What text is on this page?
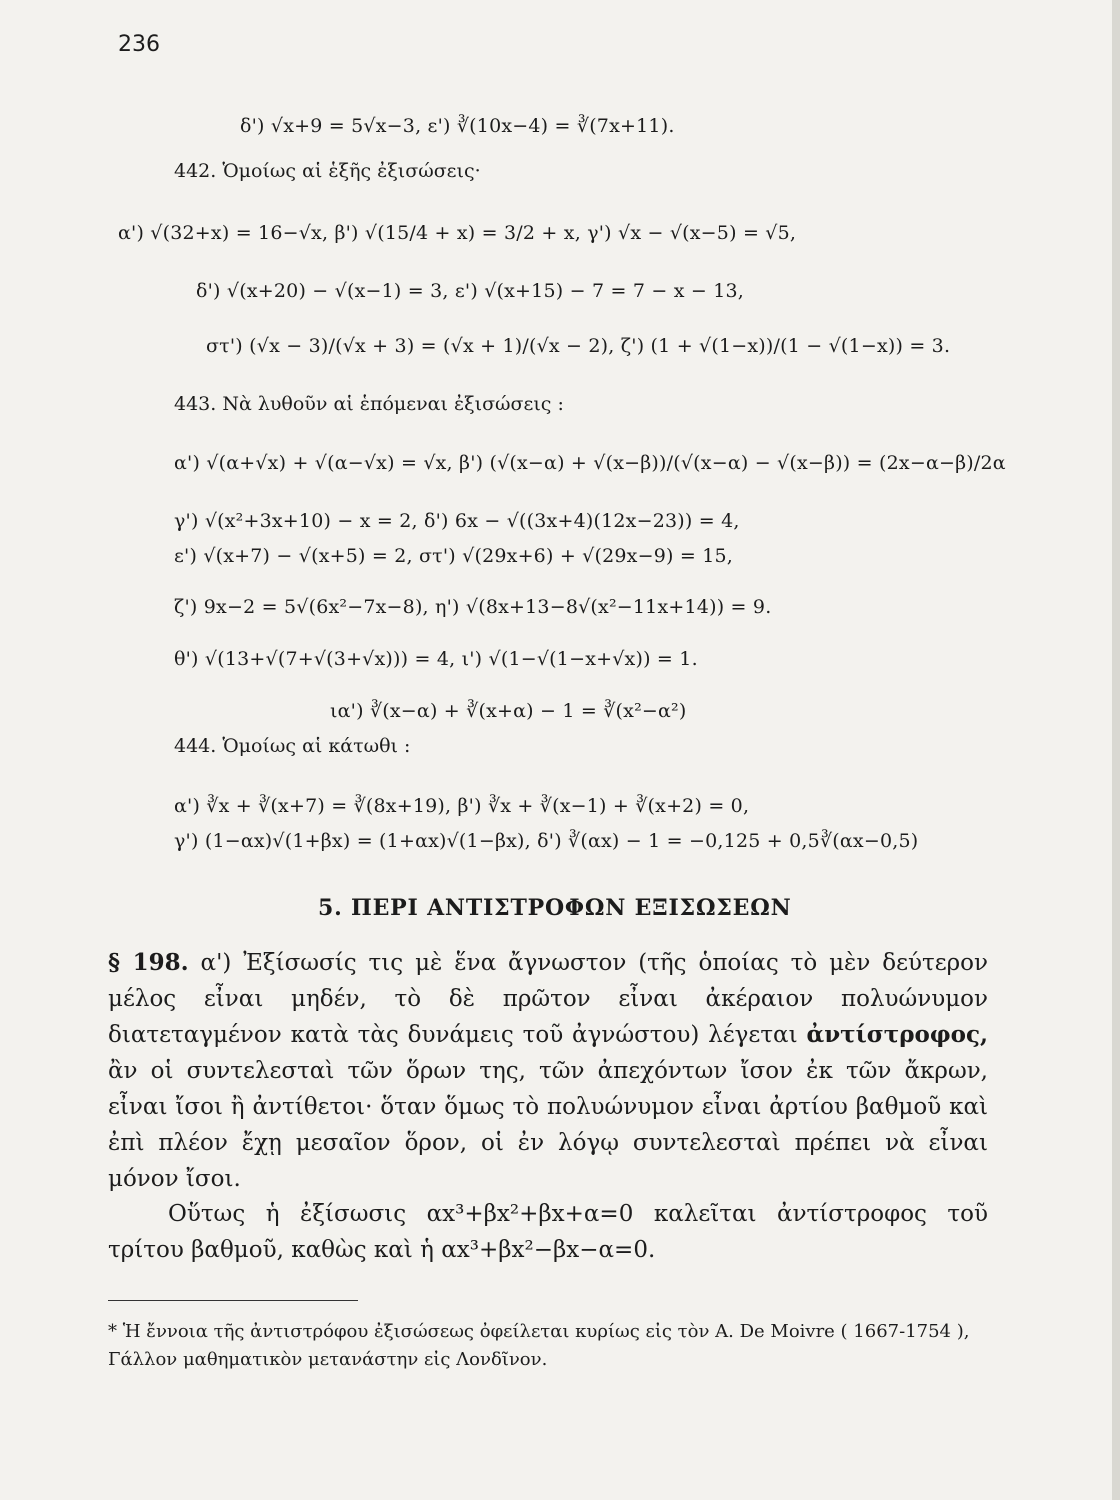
236
δ') √x+9 = 5√x−3, ε') ∛(10x−4) = ∛(7x+11).
442. Ὁμοίως αἱ ἑξῆς ἐξισώσεις·
α') √(32+x) = 16−√x, β') √(15/4 + x) = 3/2 + x, γ') √x − √(x−5) = √5,
δ') √(x+20) − √(x−1) = 3, ε') √(x+15) − 7 = 7 − x − 13,
στ') (√x − 3)/(√x + 3) = (√x + 1)/(√x − 2), ζ') (1 + √(1−x))/(1 − √(1−x)) = 3.
443. Νὰ λυθοῦν αἱ ἑπόμεναι ἐξισώσεις :
α') √(α+√x) + √(α−√x) = √x, β') (√(x−α) + √(x−β))/(√(x−α) − √(x−β)) = (2x−α−β)/2α
γ') √(x²+3x+10) − x = 2, δ') 6x − √((3x+4)(12x−23)) = 4,
ε') √(x+7) − √(x+5) = 2, στ') √(29x+6) + √(29x−9) = 15,
ζ') 9x−2 = 5√(6x²−7x−8), η') √(8x+13−8√(x²−11x+14)) = 9.
θ') √(13+√(7+√(3+√x))) = 4, ι') √(1−√(1−x+√x)) = 1.
ια') ∛(x−α) + ∛(x+α) − 1 = ∛(x²−α²)
444. Ὁμοίως αἱ κάτωθι :
α') ∛x + ∛(x+7) = ∛(8x+19), β') ∛x + ∛(x−1) + ∛(x+2) = 0,
γ') (1−αx)√(1+βx) = (1+αx)√(1−βx), δ') ∛(αx) − 1 = −0,125 + 0,5∛(αx−0,5)
5. ΠΕΡΙ ΑΝΤΙΣΤΡΟΦΩΝ ΕΞΙΣΩΣΕΩΝ
§ 198. α') Ἐξίσωσίς τις μὲ ἕνα ἄγνωστον (τῆς ὁποίας τὸ μὲν δεύτερον μέλος εἶναι μηδέν, τὸ δὲ πρῶτον εἶναι ἀκέραιον πολυώνυμον διατεταγμένον κατὰ τὰς δυνάμεις τοῦ ἀγνώστου) λέγεται ἀντίστροφος, ἂν οἱ συντελεσταὶ τῶν ὅρων της, τῶν ἀπεχόντων ἴσον ἐκ τῶν ἄκρων, εἶναι ἴσοι ἢ ἀντίθετοι· ὅταν ὅμως τὸ πολυώνυμον εἶναι ἀρτίου βαθμοῦ καὶ ἐπὶ πλέον ἔχῃ μεσαῖον ὅρον, οἱ ἐν λόγῳ συντελεσταὶ πρέπει νὰ εἶναι μόνον ἴσοι.
Οὕτως ἡ ἐξίσωσις αx³+βx²+βx+α=0 καλεῖται ἀντίστροφος τοῦ τρίτου βαθμοῦ, καθὼς καὶ ἡ αx³+βx²−βx−α=0.
* Ἡ ἔννοια τῆς ἀντιστρόφου ἐξισώσεως ὀφείλεται κυρίως εἰς τὸν A. De Moivre ( 1667-1754 ), Γάλλον μαθηματικὸν μετανάστην εἰς Λονδῖνον.
